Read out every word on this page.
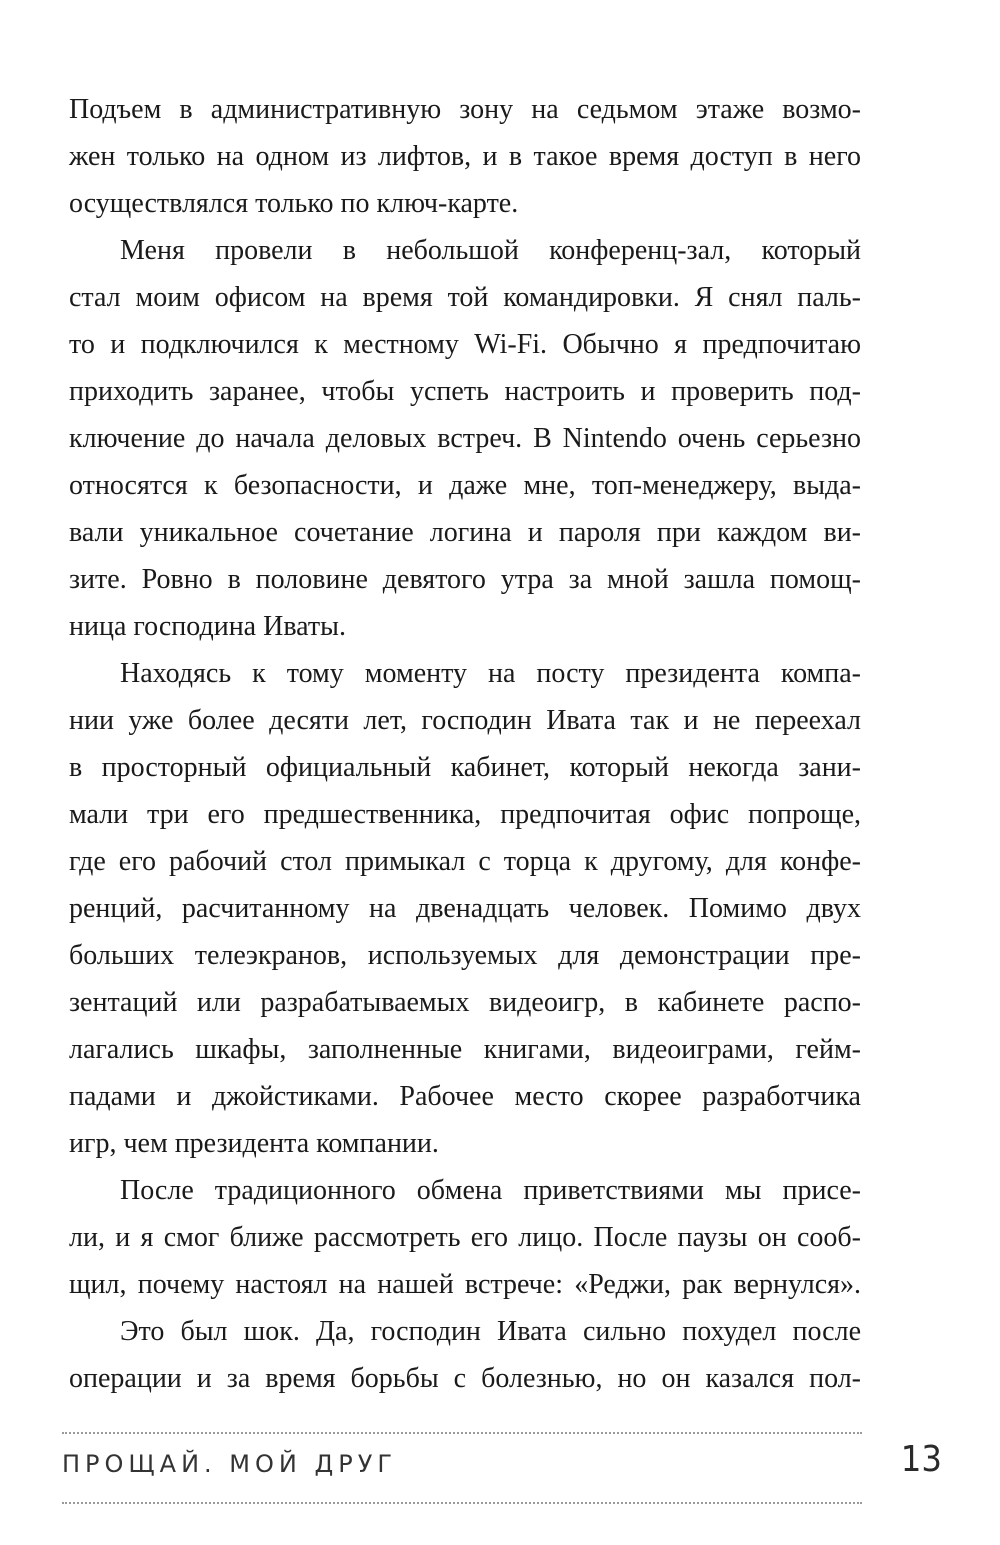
Подъем в административную зону на седьмом этаже возмо-
жен только на одном из лифтов, и в такое время доступ в него
осуществлялся только по ключ-карте.
Меня провели в небольшой конференц-зал, который
стал моим офисом на время той командировки. Я снял паль-
то и подключился к местному Wi-Fi. Обычно я предпочитаю
приходить заранее, чтобы успеть настроить и проверить под-
ключение до начала деловых встреч. В Nintendo очень серьезно
относятся к безопасности, и даже мне, топ-менеджеру, выда-
вали уникальное сочетание логина и пароля при каждом ви-
зите. Ровно в половине девятого утра за мной зашла помощ-
ница господина Иваты.
Находясь к тому моменту на посту президента компа-
нии уже более десяти лет, господин Ивата так и не переехал
в просторный официальный кабинет, который некогда зани-
мали три его предшественника, предпочитая офис попроще,
где его рабочий стол примыкал с торца к другому, для конфе-
ренций, расчитанному на двенадцать человек. Помимо двух
больших телеэкранов, используемых для демонстрации пре-
зентаций или разрабатываемых видеоигр, в кабинете распо-
лагались шкафы, заполненные книгами, видеоиграми, гейм-
падами и джойстиками. Рабочее место скорее разработчика
игр, чем президента компании.
После традиционного обмена приветствиями мы присе-
ли, и я смог ближе рассмотреть его лицо. После паузы он сооб-
щил, почему настоял на нашей встрече: «Реджи, рак вернулся».
Это был шок. Да, господин Ивата сильно похудел после
операции и за время борьбы с болезнью, но он казался пол-
ПРОЩАЙ. МОЙ ДРУГ	13
